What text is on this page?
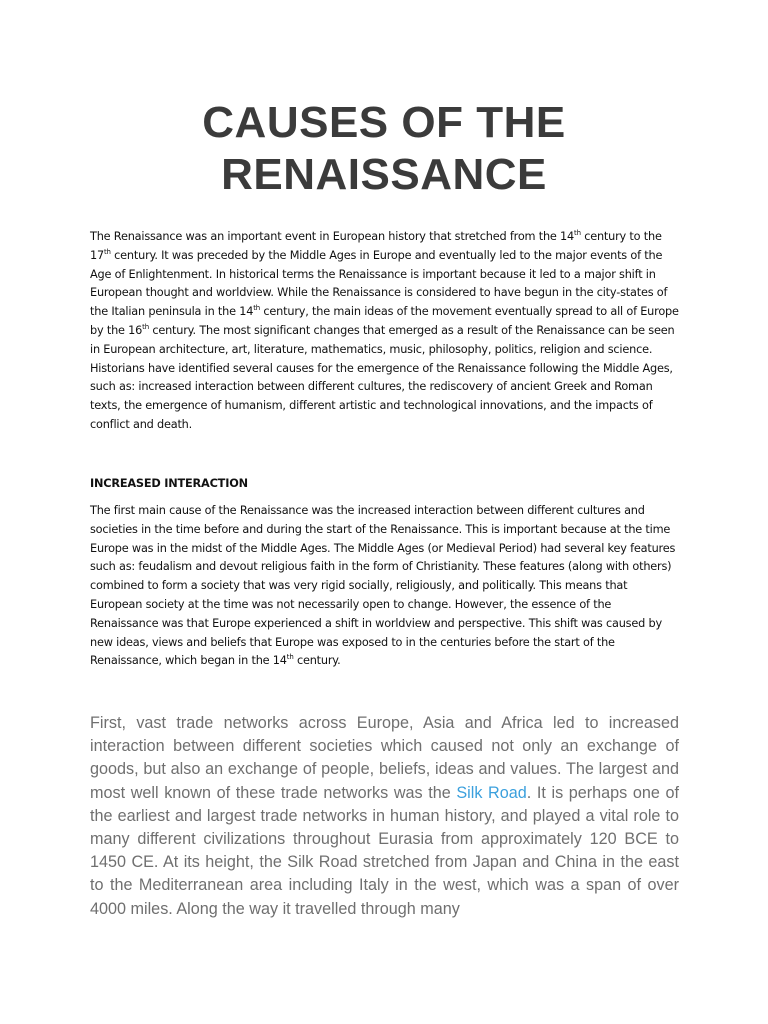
CAUSES OF THE
RENAISSANCE

The Renaissance was an important event in European history that stretched from the 14th century to the 17th century. It was preceded by the Middle Ages in Europe and eventually led to the major events of the Age of Enlightenment. In historical terms the Renaissance is important because it led to a major shift in European thought and worldview. While the Renaissance is considered to have begun in the city-states of the Italian peninsula in the 14th century, the main ideas of the movement eventually spread to all of Europe by the 16th century. The most significant changes that emerged as a result of the Renaissance can be seen in European architecture, art, literature, mathematics, music, philosophy, politics, religion and science. Historians have identified several causes for the emergence of the Renaissance following the Middle Ages, such as: increased interaction between different cultures, the rediscovery of ancient Greek and Roman texts, the emergence of humanism, different artistic and technological innovations, and the impacts of conflict and death.

INCREASED INTERACTION

The first main cause of the Renaissance was the increased interaction between different cultures and societies in the time before and during the start of the Renaissance. This is important because at the time Europe was in the midst of the Middle Ages. The Middle Ages (or Medieval Period) had several key features such as: feudalism and devout religious faith in the form of Christianity. These features (along with others) combined to form a society that was very rigid socially, religiously, and politically. This means that European society at the time was not necessarily open to change. However, the essence of the Renaissance was that Europe experienced a shift in worldview and perspective. This shift was caused by new ideas, views and beliefs that Europe was exposed to in the centuries before the start of the Renaissance, which began in the 14th century.

First, vast trade networks across Europe, Asia and Africa led to increased interaction between different societies which caused not only an exchange of goods, but also an exchange of people, beliefs, ideas and values. The largest and most well known of these trade networks was the Silk Road. It is perhaps one of the earliest and largest trade networks in human history, and played a vital role to many different civilizations throughout Eurasia from approximately 120 BCE to 1450 CE. At its height, the Silk Road stretched from Japan and China in the east to the Mediterranean area including Italy in the west, which was a span of over 4000 miles. Along the way it travelled through many
